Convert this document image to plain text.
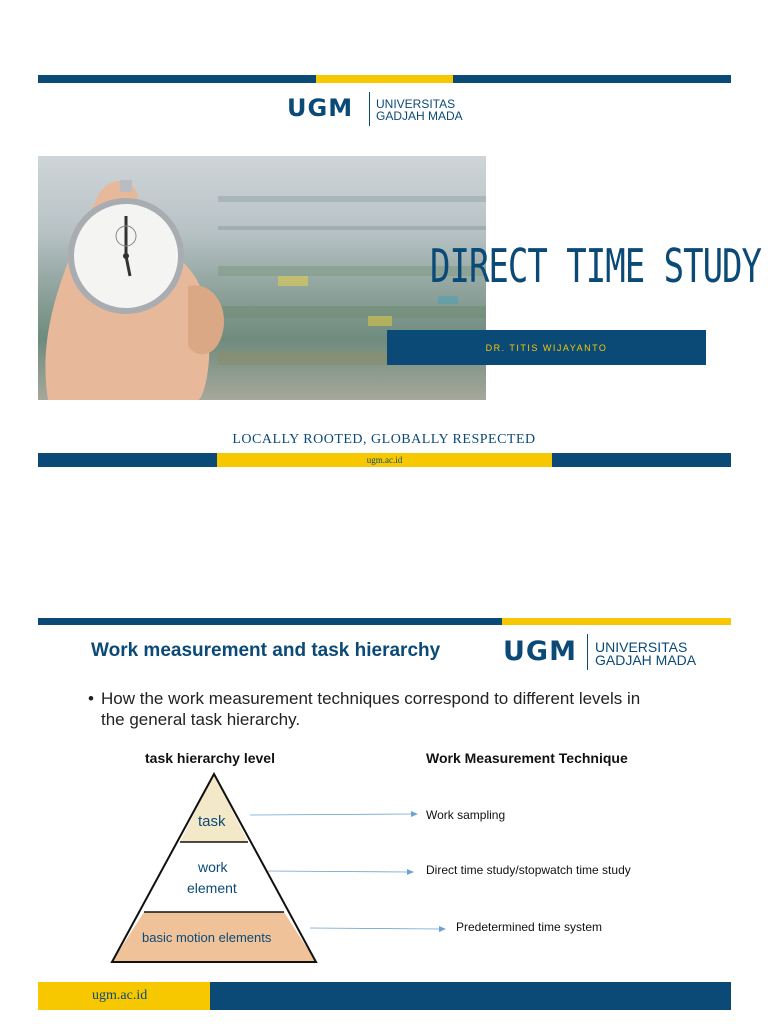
UGM UNIVERSITAS
GADJAH MADA
DIRECT TIME STUDY
DR. TITIS WIJAYANTO
LOCALLY ROOTED, GLOBALLY RESPECTED
ugm.ac.id
Work measurement and task hierarchy UGM UNIVERSITAS
GADJAH MADA
• How the work measurement techniques correspond to different levels in the general task hierarchy.
task hierarchy level	Work Measurement Technique
task
work
element
basic motion elements
Work sampling
Direct time study/stopwatch time study
Predetermined time system
ugm.ac.id
